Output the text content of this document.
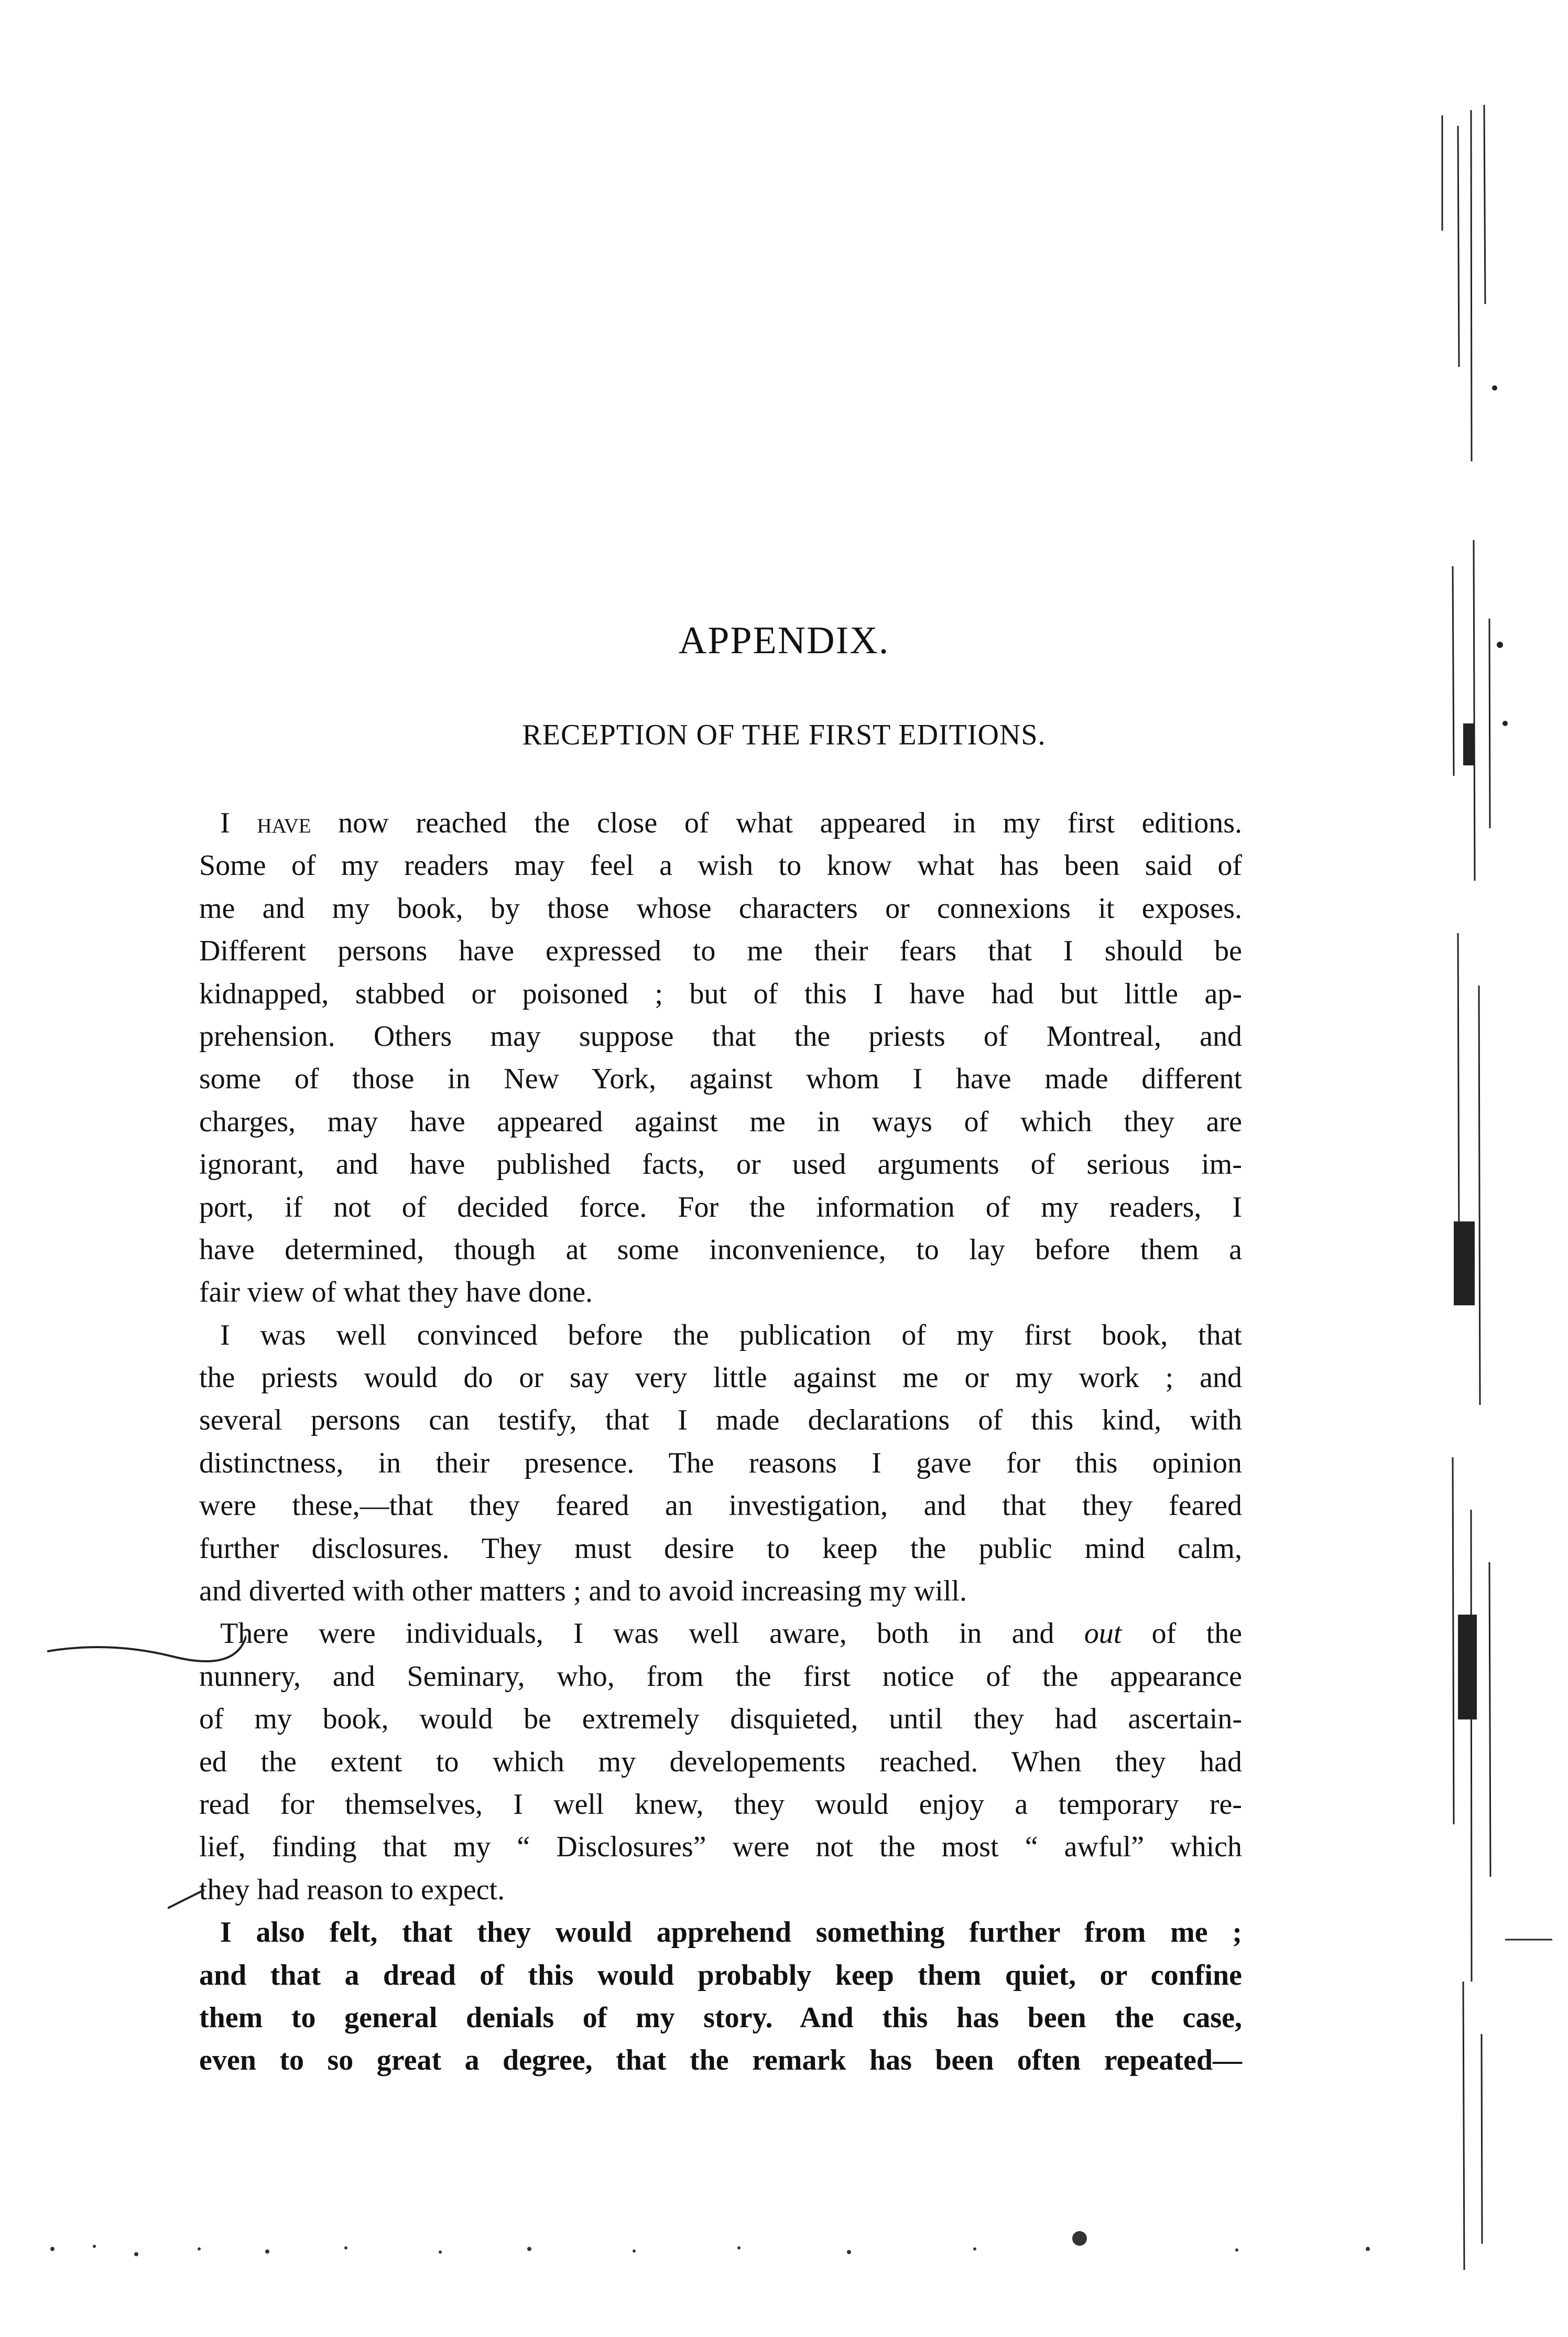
APPENDIX.
RECEPTION OF THE FIRST EDITIONS.
I have now reached the close of what appeared in my first editions.
Some of my readers may feel a wish to know what has been said of
me and my book, by those whose characters or connexions it exposes.
Different persons have expressed to me their fears that I should be
kidnapped, stabbed or poisoned ; but of this I have had but little ap-
prehension. Others may suppose that the priests of Montreal, and
some of those in New York, against whom I have made different
charges, may have appeared against me in ways of which they are
ignorant, and have published facts, or used arguments of serious im-
port, if not of decided force. For the information of my readers, I
have determined, though at some inconvenience, to lay before them a
fair view of what they have done.
I was well convinced before the publication of my first book, that
the priests would do or say very little against me or my work ; and
several persons can testify, that I made declarations of this kind, with
distinctness, in their presence. The reasons I gave for this opinion
were these,—that they feared an investigation, and that they feared
further disclosures. They must desire to keep the public mind calm,
and diverted with other matters ; and to avoid increasing my will.
There were individuals, I was well aware, both in and out of the
nunnery, and Seminary, who, from the first notice of the appearance
of my book, would be extremely disquieted, until they had ascertain-
ed the extent to which my developements reached. When they had
read for themselves, I well knew, they would enjoy a temporary re-
lief, finding that my “ Disclosures” were not the most “ awful” which
they had reason to expect.
I also felt, that they would apprehend something further from me ;
and that a dread of this would probably keep them quiet, or confine
them to general denials of my story. And this has been the case,
even to so great a degree, that the remark has been often repeated—
